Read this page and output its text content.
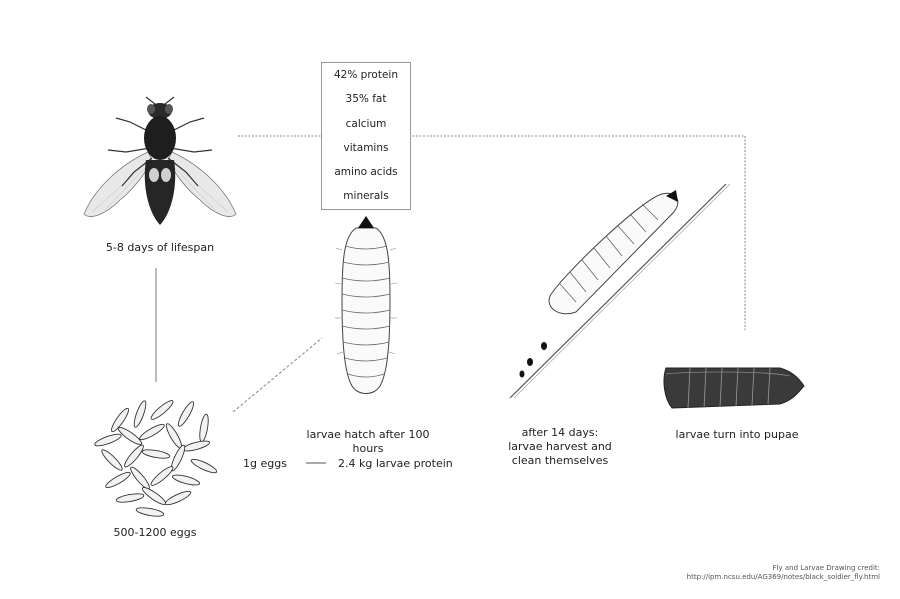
42% protein
35% fat
calcium
vitamins
amino acids
minerals
5-8 days of lifespan
500-1200 eggs
larvae hatch after 100 hours
after 14 days:
larvae harvest and
clean themselves
larvae turn into pupae
1g eggs	2.4 kg larvae protein
Fly and Larvae Drawing credit:
http://ipm.ncsu.edu/AG369/notes/black_soldier_fly.html
